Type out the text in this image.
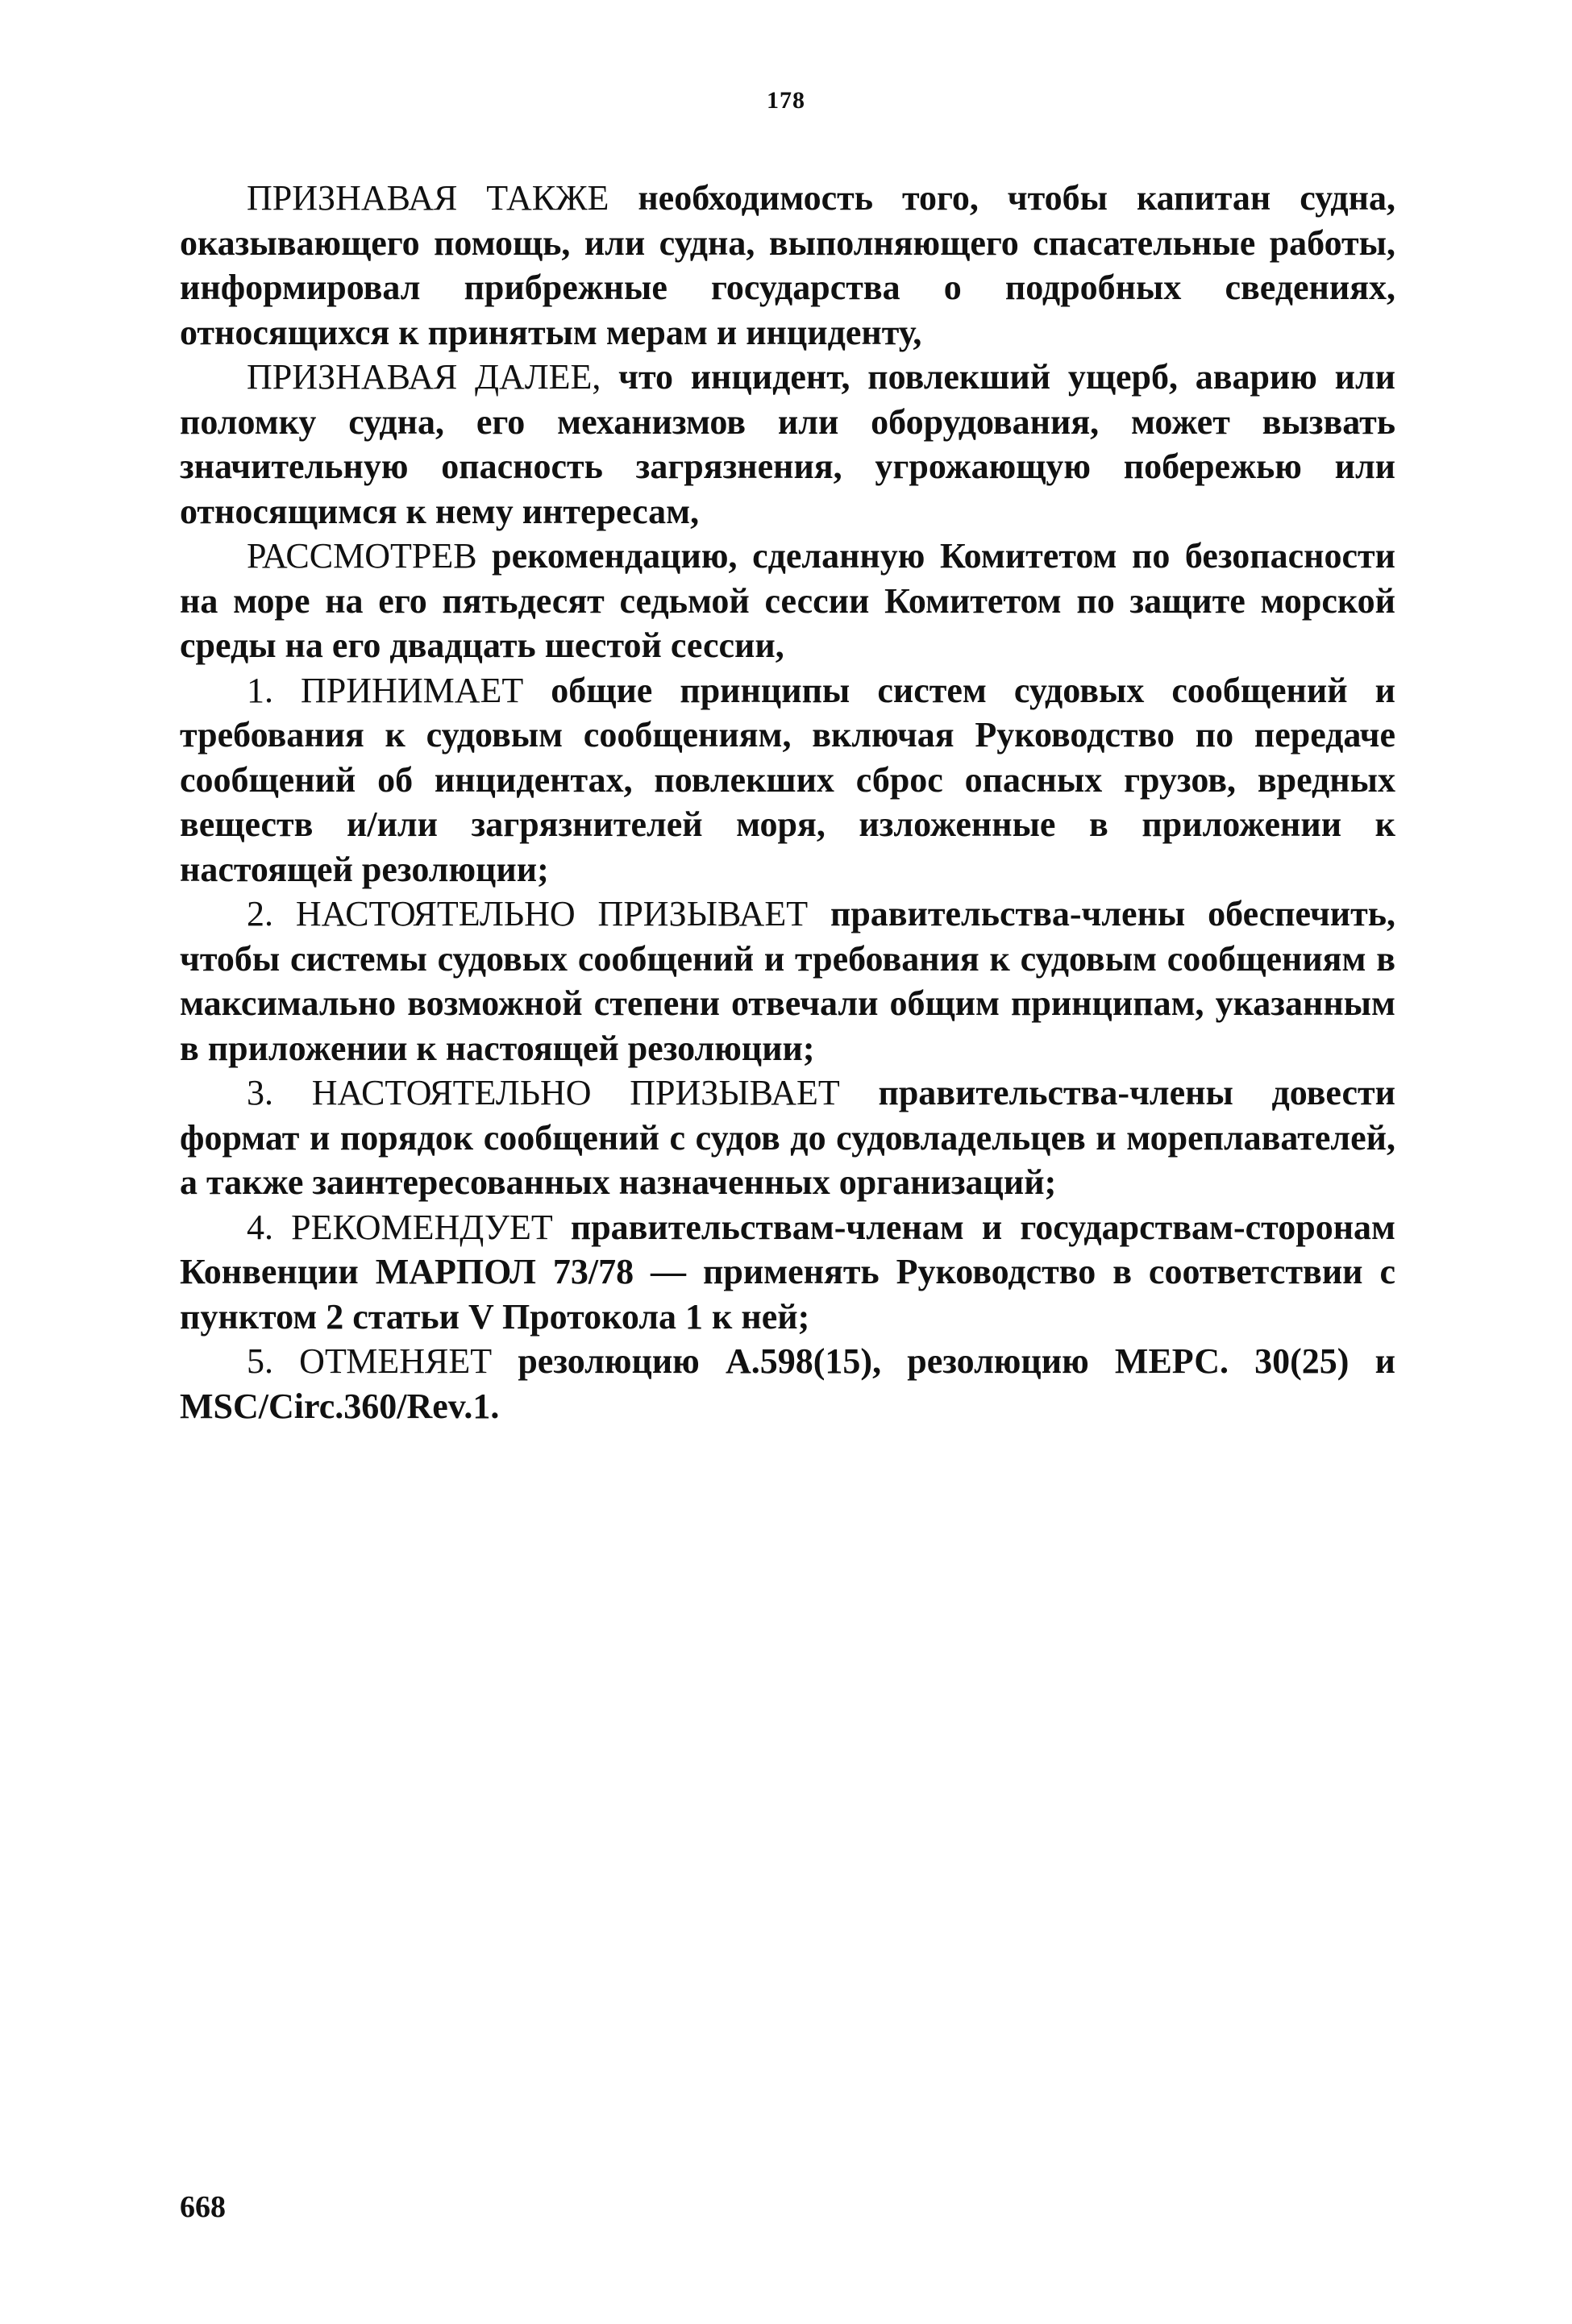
178

ПРИЗНАВАЯ ТАКЖЕ необходимость того, чтобы капитан судна, оказывающего помощь, или судна, выполняющего спасательные работы, информировал прибрежные государства о подробных сведениях, относящихся к принятым мерам и инциденту,

ПРИЗНАВАЯ ДАЛЕЕ, что инцидент, повлекший ущерб, аварию или поломку судна, его механизмов или оборудования, может вызвать значительную опасность загрязнения, угрожающую побережью или относящимся к нему интересам,

РАССМОТРЕВ рекомендацию, сделанную Комитетом по безопасности на море на его пятьдесят седьмой сессии Комитетом по защите морской среды на его двадцать шестой сессии,

1. ПРИНИМАЕТ общие принципы систем судовых сообщений и требования к судовым сообщениям, включая Руководство по передаче сообщений об инцидентах, повлекших сброс опасных грузов, вредных веществ и/или загрязнителей моря, изложенные в приложении к настоящей резолюции;

2. НАСТОЯТЕЛЬНО ПРИЗЫВАЕТ правительства-члены обеспечить, чтобы системы судовых сообщений и требования к судовым сообщениям в максимально возможной степени отвечали общим принципам, указанным в приложении к настоящей резолюции;

3. НАСТОЯТЕЛЬНО ПРИЗЫВАЕТ правительства-члены довести формат и порядок сообщений с судов до судовладельцев и мореплавателей, а также заинтересованных назначенных организаций;

4. РЕКОМЕНДУЕТ правительствам-членам и государствам-сторонам Конвенции МАРПОЛ 73/78 — применять Руководство в соответствии с пунктом 2 статьи V Протокола 1 к ней;

5. ОТМЕНЯЕТ резолюцию А.598(15), резолюцию МЕРС. 30(25) и MSC/Circ.360/Rev.1.

668
